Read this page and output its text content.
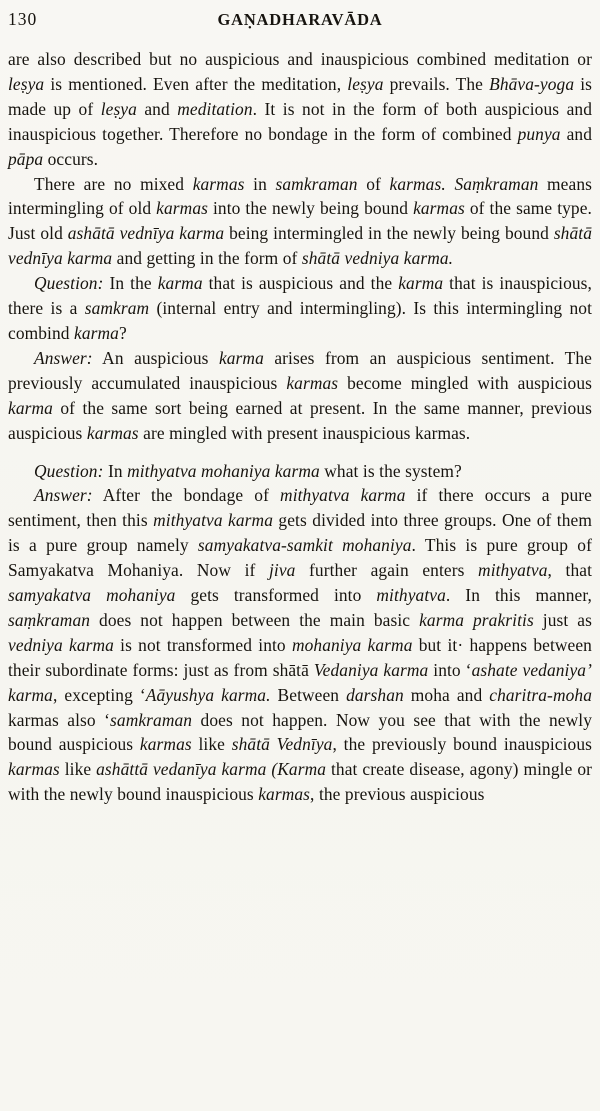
130	GAṆADHARAVĀDA

are also described but no auspicious and inauspicious combined meditation or leṣya is mentioned. Even after the meditation, leṣya prevails. The Bhāva-yoga is made up of leṣya and meditation. It is not in the form of both auspicious and inauspicious together. Therefore no bondage in the form of combined punya and pāpa occurs.

There are no mixed karmas in samkraman of karmas. Saṃkraman means intermingling of old karmas into the newly being bound karmas of the same type. Just old ashātā vednīya karma being intermingled in the newly being bound shātā vednīya karma and getting in the form of shātā vedniya karma.

Question: In the karma that is auspicious and the karma that is inauspicious, there is a samkram (internal entry and intermingling). Is this intermingling not combind karma?

Answer: An auspicious karma arises from an auspicious sentiment. The previously accumulated inauspicious karmas become mingled with auspicious karma of the same sort being earned at present. In the same manner, previous auspicious karmas are mingled with present inauspicious karmas.

Question: In mithyatva mohaniya karma what is the system?

Answer: After the bondage of mithyatva karma if there occurs a pure sentiment, then this mithyatva karma gets divided into three groups. One of them is a pure group namely samyakatva-samkit mohaniya. This is pure group of Samyakatva Mohaniya. Now if jiva further again enters mithyatva, that samyakatva mohaniya gets transformed into mithyatva. In this manner, saṃkraman does not happen between the main basic karma prakritis just as vedniya karma is not transformed into mohaniya karma but it· happens between their subordinate forms: just as from shātā Vedaniya karma into ‘ashate vedaniya’ karma, excepting ‘Aāyushya karma. Between darshan moha and charitra-moha karmas also ‘samkraman does not happen. Now you see that with the newly bound auspicious karmas like shātā Vednīya, the previously bound inauspicious karmas like ashāttā vedanīya karma (Karma that create disease, agony) mingle or with the newly bound inauspicious karmas, the previous auspicious
